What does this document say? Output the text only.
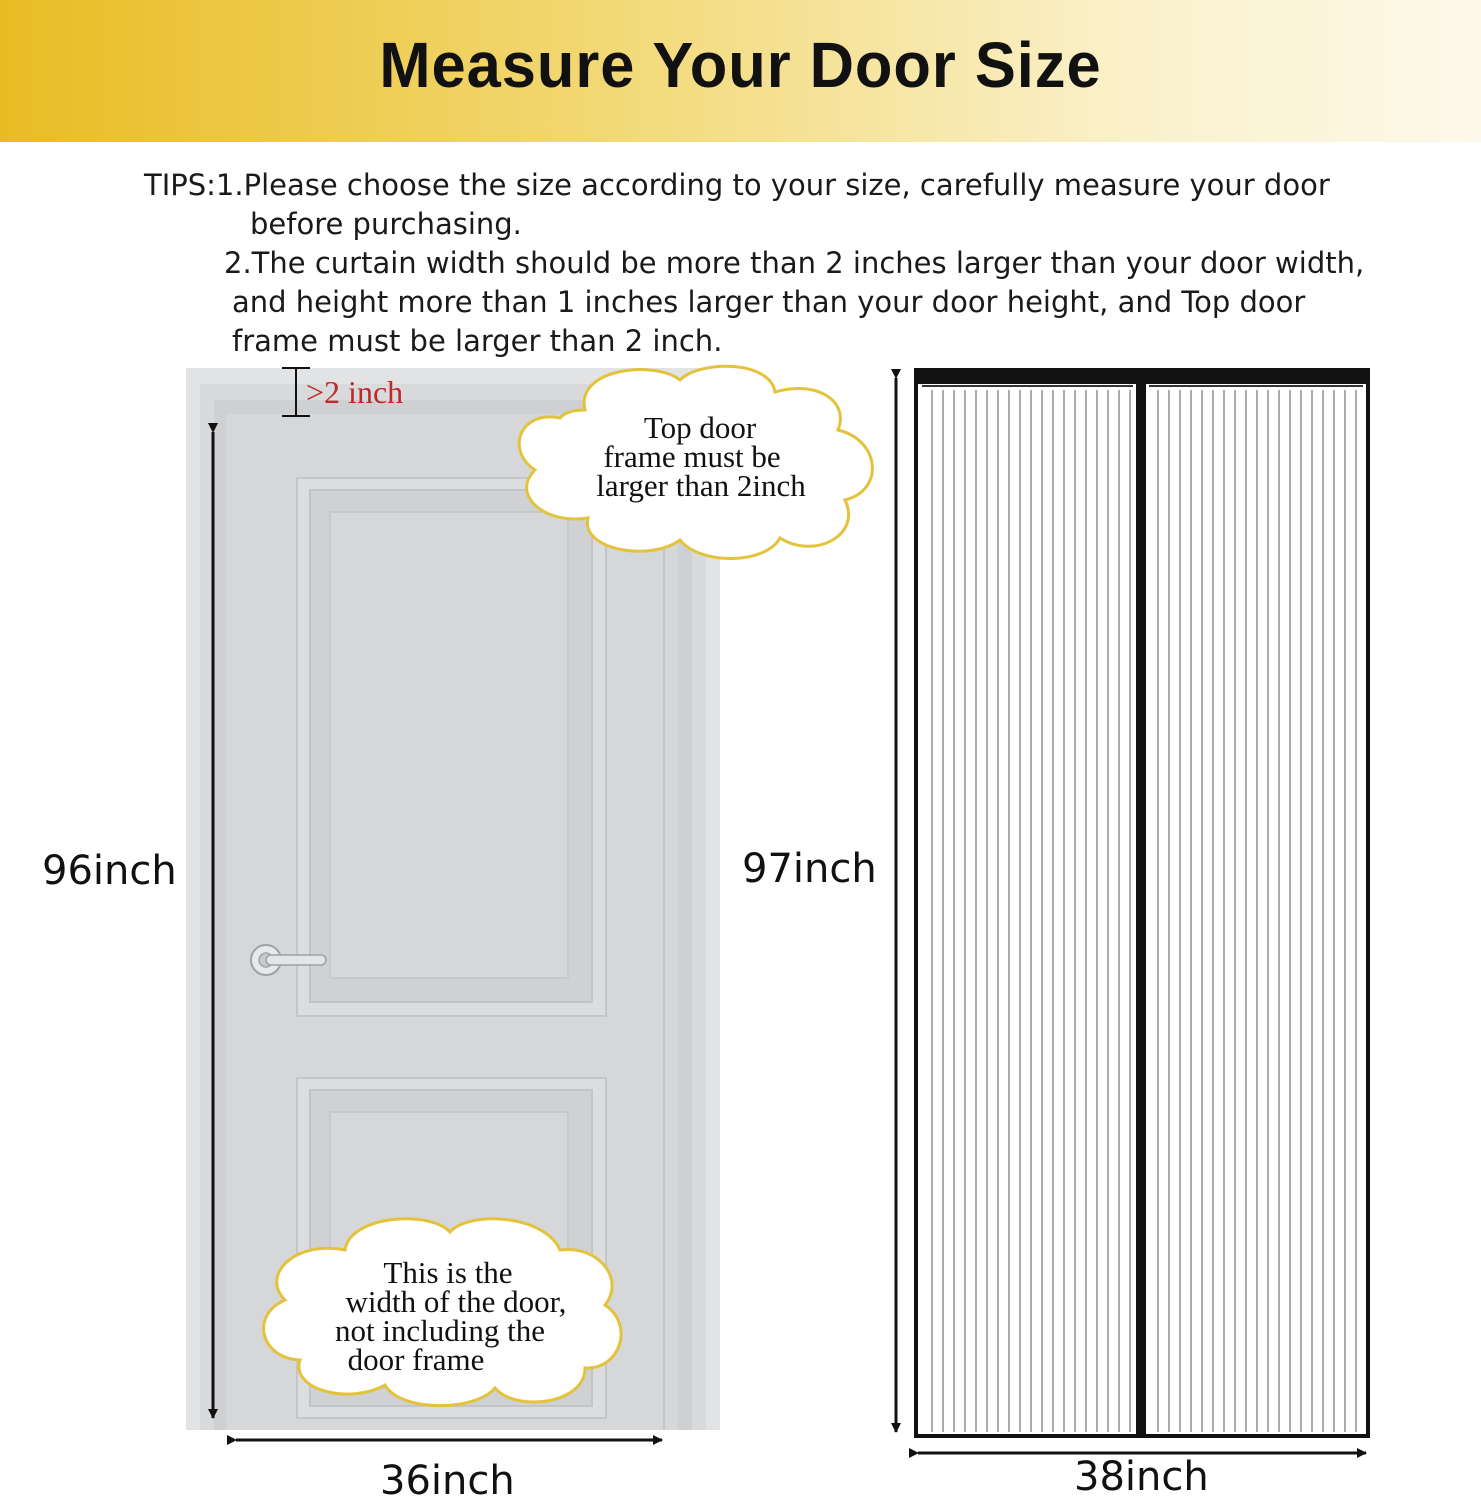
Measure Your Door Size
TIPS:1.Please choose the size according to your size, carefully measure your door
before purchasing.
2.The curtain width should be more than 2 inches larger than your door width,
and height more than 1 inches larger than your door height, and Top door
frame must be larger than 2 inch.
>2 inch
Top door
frame must be
larger than 2inch
This is the
width of the door,
not including the
door frame
96inch
36inch
97inch
38inch
